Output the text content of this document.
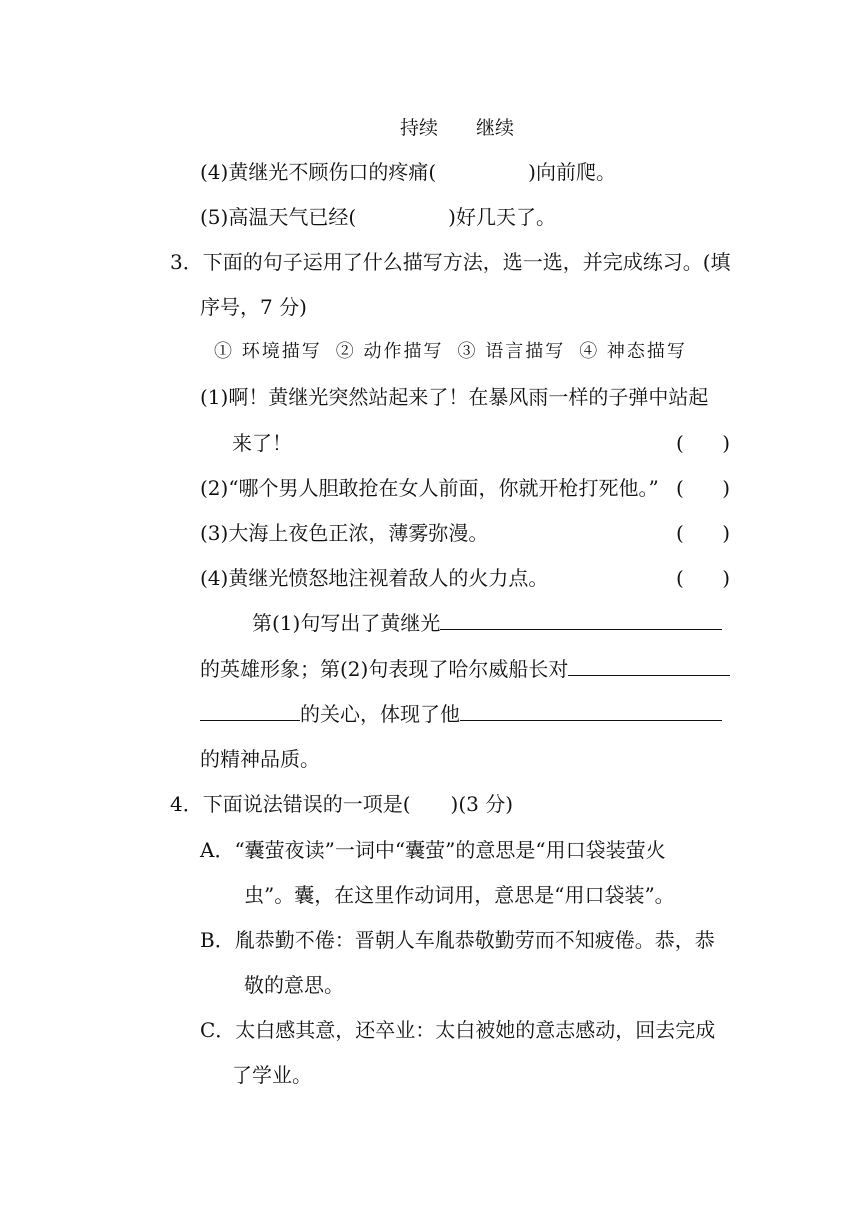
持续 继续
(4)黄继光不顾伤口的疼痛(	)向前爬。
(5)高温天气已经(	)好几天了。
3．下面的句子运用了什么描写方法，选一选，并完成练习。(填
序号，7 分)
① 环境描写 ② 动作描写 ③ 语言描写 ④ 神态描写
(1)啊！黄继光突然站起来了！在暴风雨一样的子弹中站起
来了！	( )
(2)“哪个男人胆敢抢在女人前面，你就开枪打死他。” ( )
(3)大海上夜色正浓，薄雾弥漫。	( )
(4)黄继光愤怒地注视着敌人的火力点。	( )
第(1)句写出了黄继光
的英雄形象；第(2)句表现了哈尔威船长对
的关心，体现了他
的精神品质。
4．下面说法错误的一项是(　　)(3 分)
A．“囊萤夜读”一词中“囊萤”的意思是“用口袋装萤火
虫”。囊，在这里作动词用，意思是“用口袋装”。
B．胤恭勤不倦：晋朝人车胤恭敬勤劳而不知疲倦。恭，恭
敬的意思。
C．太白感其意，还卒业：太白被她的意志感动，回去完成
了学业。
